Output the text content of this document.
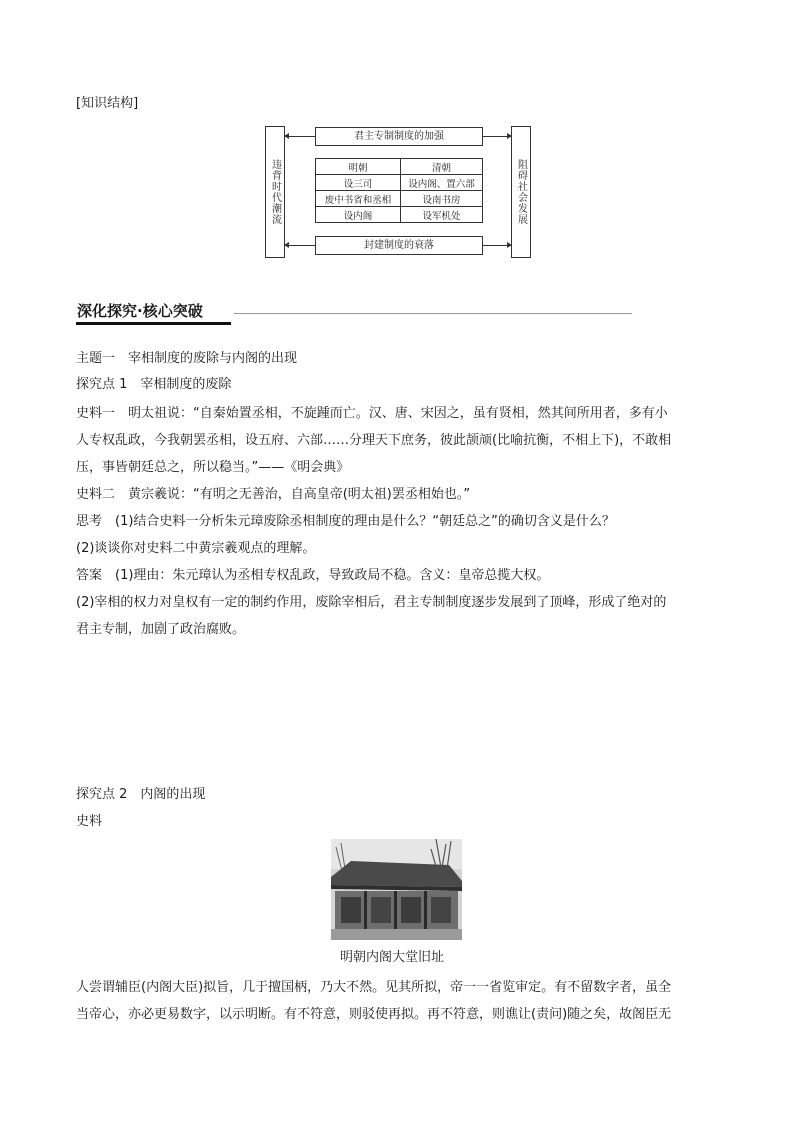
[知识结构]
违背时代潮流	阻碍社会发展
君主专制制度的加强
明朝	清朝
设三司	设内阁、置六部
废中书省和丞相	设南书房
设内阁	设军机处
封建制度的衰落
深化探究·核心突破
主题一　宰相制度的废除与内阁的出现
探究点 1　宰相制度的废除
史料一　明太祖说：“自秦始置丞相，不旋踵而亡。汉、唐、宋因之，虽有贤相，然其间所用者，多有小
人专权乱政，今我朝罢丞相，设五府、六部……分理天下庶务，彼此颉颃(比喻抗衡，不相上下)，不敢相
压，事皆朝廷总之，所以稳当。”——《明会典》
史料二　黄宗羲说：“有明之无善治，自高皇帝(明太祖)罢丞相始也。”
思考　(1)结合史料一分析朱元璋废除丞相制度的理由是什么？“朝廷总之”的确切含义是什么？
(2)谈谈你对史料二中黄宗羲观点的理解。
答案　(1)理由：朱元璋认为丞相专权乱政，导致政局不稳。含义：皇帝总揽大权。
(2)宰相的权力对皇权有一定的制约作用，废除宰相后，君主专制制度逐步发展到了顶峰，形成了绝对的
君主专制，加剧了政治腐败。
探究点 2　内阁的出现
史料
明朝内阁大堂旧址
人尝谓辅臣(内阁大臣)拟旨，几于擅国柄，乃大不然。见其所拟，帝一一省览审定。有不留数字者，虽全
当帝心，亦必更易数字，以示明断。有不符意，则驳使再拟。再不符意，则谯让(责问)随之矣，故阁臣无
